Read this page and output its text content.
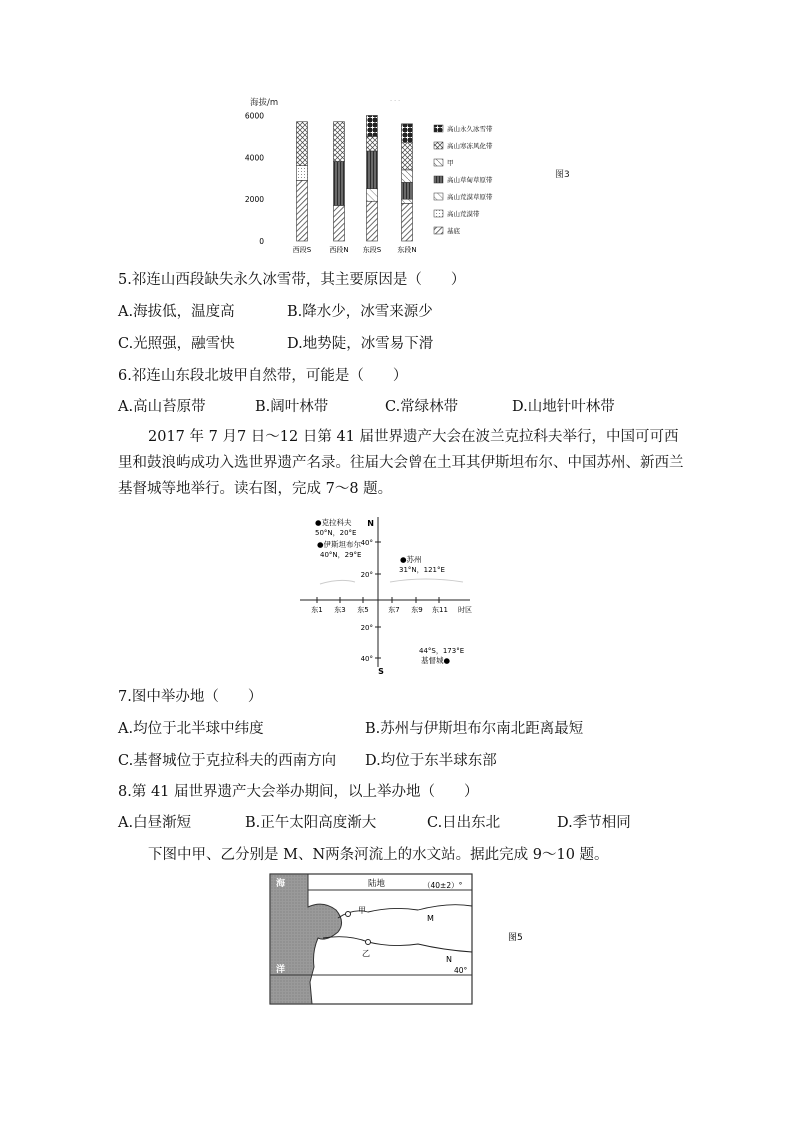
海拔/m	- - -
6000
4000
2000
0
西段S	西段N 东段S 东段N
高山永久冰雪带
高山寒冻风化带
甲
高山草甸草原带
高山荒漠草原带
高山荒漠带
基底
图3
5.祁连山西段缺失永久冰雪带，其主要原因是（　　）
A.海拔低，温度高	B.降水少，冰雪来源少
C.光照强，融雪快	D.地势陡，冰雪易下滑
6.祁连山东段北坡甲自然带，可能是（　　）
A.高山苔原带	B.阔叶林带	C.常绿林带	D.山地针叶林带
2017 年 7 月7 日～12 日第 41 届世界遗产大会在波兰克拉科夫举行，中国可可西里和鼓浪屿成功入选世界遗产名录。往届大会曾在土耳其伊斯坦布尔、中国苏州、新西兰基督城等地举行。读右图，完成 7～8 题。
N
S
40°
20°
20°
40°
东1 东3 东5	东7 东9 东11 时区
●克拉科夫
50°N，20°E
●伊斯坦布尔
40°N，29°E	●苏州
31°N，121°E
44°S，173°E
基督城●
7.图中举办地（　　）
A.均位于北半球中纬度	B.苏州与伊斯坦布尔南北距离最短
C.基督城位于克拉科夫的西南方向 D.均位于东半球东部
8.第 41 届世界遗产大会举办期间，以上举办地（　　）
A.白昼渐短	B.正午太阳高度渐大	C.日出东北	D.季节相同
下图中甲、乙分别是 M、N两条河流上的水文站。据此完成 9～10 题。
海
洋
陆地	（40±2）°
40°
甲
乙
M
N
图5
